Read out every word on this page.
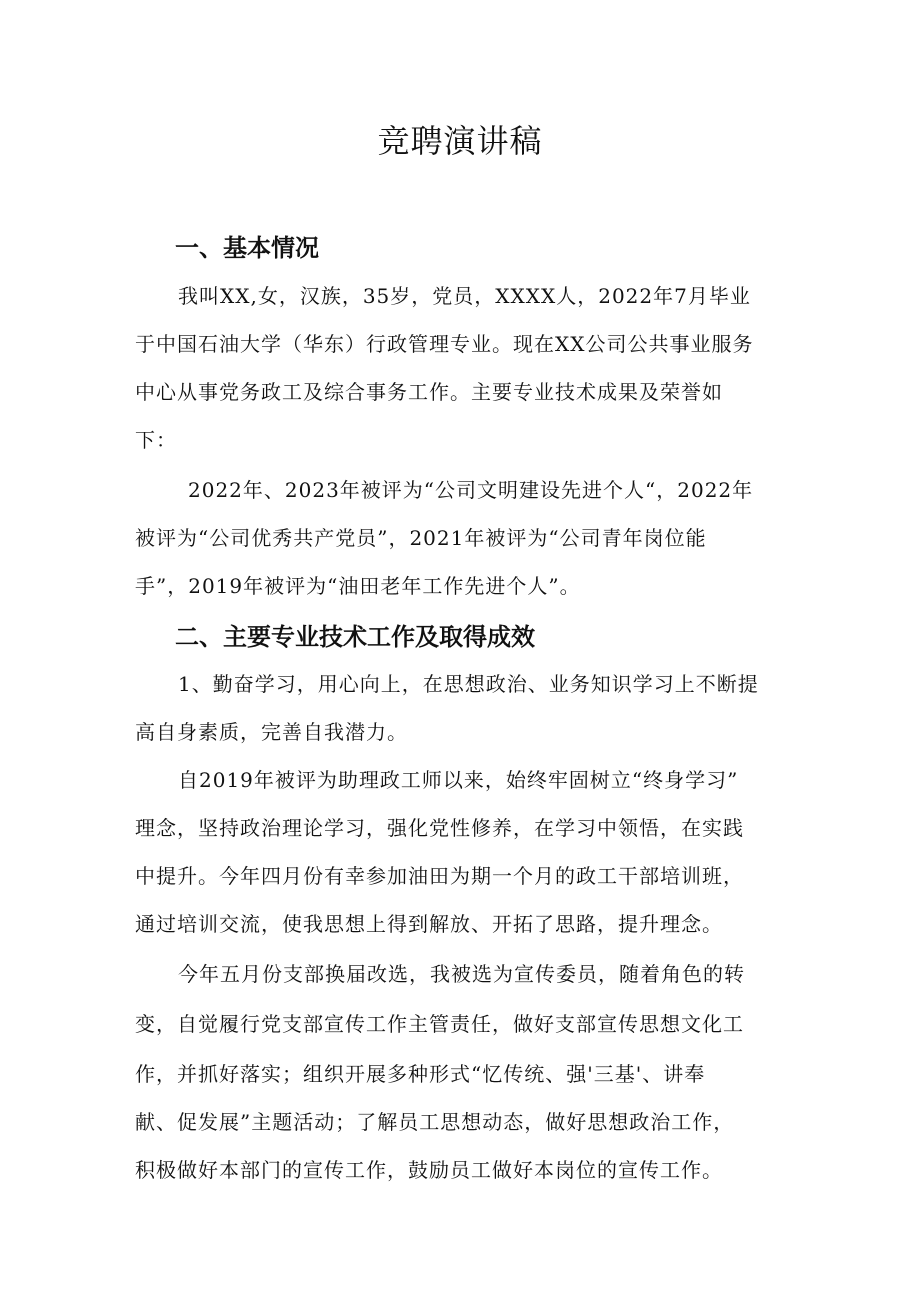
竞聘演讲稿
一、基本情况
我叫XX,女，汉族，35岁，党员，XXXX人，2022年7月毕业
于中国石油大学（华东）行政管理专业。现在XX公司公共事业服务
中心从事党务政工及综合事务工作。主要专业技术成果及荣誉如
下：
2022年、2023年被评为“公司文明建设先进个人“，2022年
被评为“公司优秀共产党员”，2021年被评为“公司青年岗位能
手”，2019年被评为“油田老年工作先进个人”。
二、主要专业技术工作及取得成效
1、勤奋学习，用心向上，在思想政治、业务知识学习上不断提
高自身素质，完善自我潜力。
自2019年被评为助理政工师以来，始终牢固树立“终身学习”
理念，坚持政治理论学习，强化党性修养，在学习中领悟，在实践
中提升。今年四月份有幸参加油田为期一个月的政工干部培训班，
通过培训交流，使我思想上得到解放、开拓了思路，提升理念。
今年五月份支部换届改选，我被选为宣传委员，随着角色的转
变，自觉履行党支部宣传工作主管责任，做好支部宣传思想文化工
作，并抓好落实；组织开展多种形式“忆传统、强'三基'、讲奉
献、促发展”主题活动；了解员工思想动态，做好思想政治工作，
积极做好本部门的宣传工作，鼓励员工做好本岗位的宣传工作。
